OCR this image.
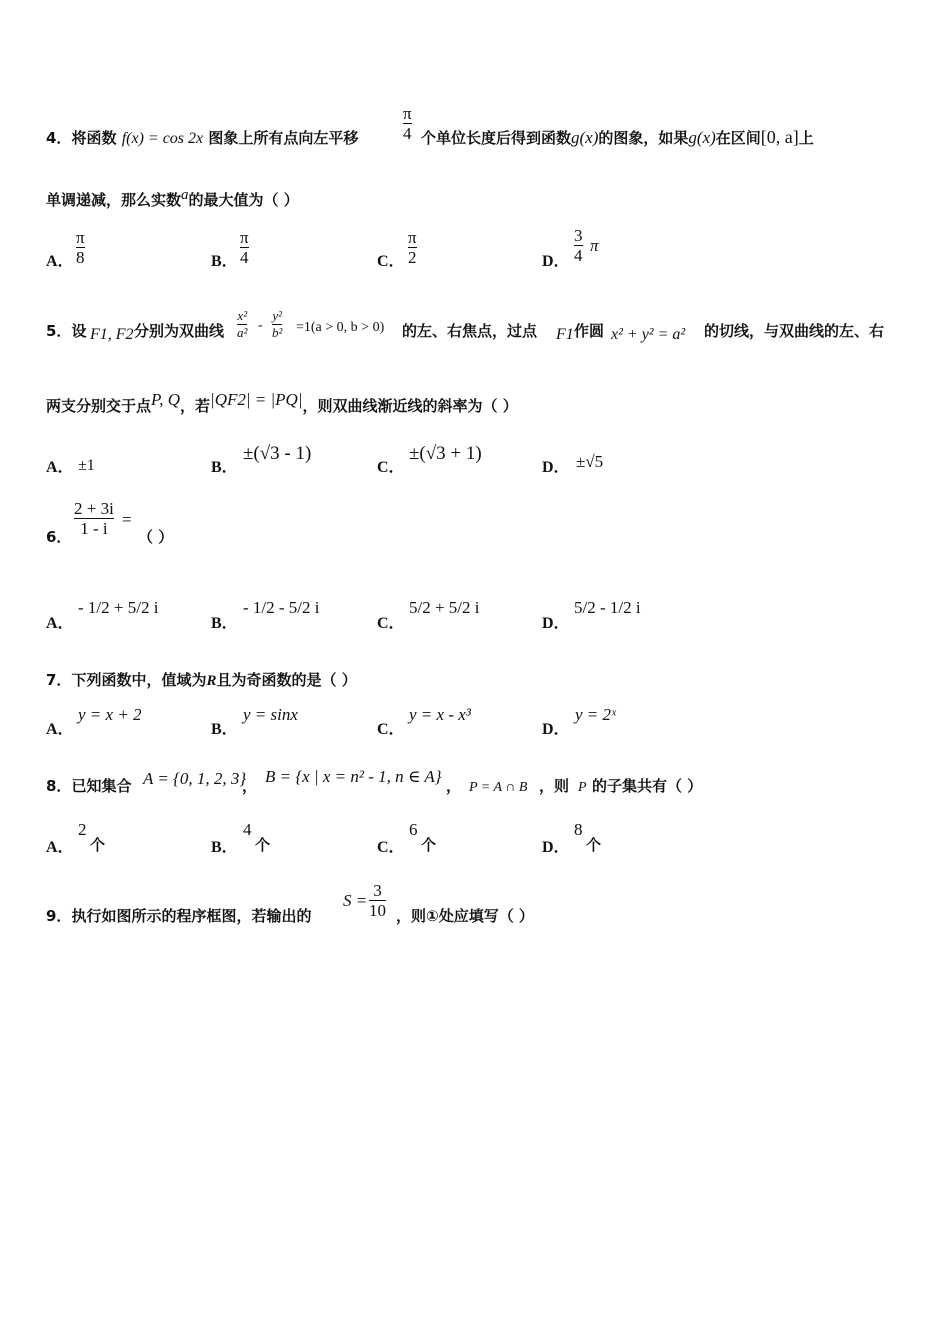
4．将函数 f(x) = cos 2x 图象上所有点向左平移
π
4 个单位长度后得到函数g(x)的图象，如果g(x)在区间[0, a]上
单调递减，那么实数a的最大值为（ ）
A．
π
8	B．
π
4	C．
π
2	D．
3
4
π
5．设 F1, F2 分别为双曲线
x²
a² -
y²
b² =1(a > 0, b > 0) 的左、右焦点，过点 F1 作圆 x² + y² = a² 的切线，与双曲线的左、右
两支分别交于点P, Q，若|QF2| = |PQ|，则双曲线渐近线的斜率为（ ）
A． ±1	B．
±(√3 - 1)
C．
±(√3 + 1)
D． ±√5
6．
2 + 3i
1 - i =
（ ）
A．
- 1/2 + 5/2 i
B．
- 1/2 - 5/2 i
C．
5/2 + 5/2 i
D．
5/2 - 1/2 i
7．下列函数中，值域为R且为奇函数的是（ ）
A．
y = x + 2
B．
y = sinx
C．
y = x - x³
D．
y = 2ˣ
8．已知集合 A = {0, 1, 2, 3}
， B = {x | x = n² - 1, n ∈ A} ， P = A ∩ B ，则 P 的子集共有（ ）
A．
2
个	B．
4
个	C．
6
个	D．
8
个
9．执行如图所示的程序框图，若输出的
S =
3
10 ，则①处应填写（ ）
